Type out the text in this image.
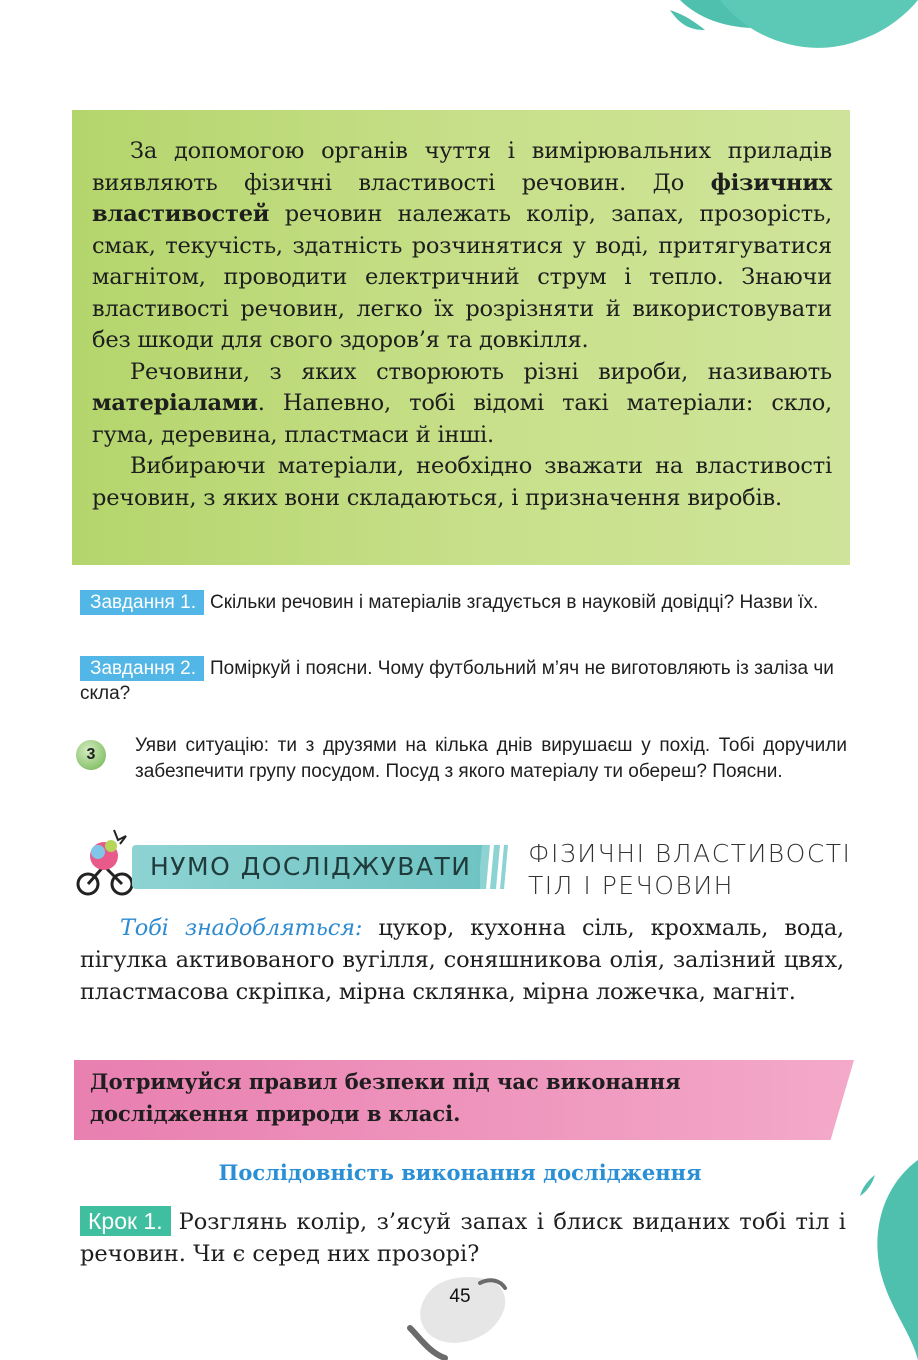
За допомогою органів чуття і вимірювальних приладів виявляють фізичні властивості речовин. До фізичних властивостей речовин належать колір, запах, прозорість, смак, текучість, здатність розчинятися у воді, притягуватися магнітом, проводити електричний струм і тепло. Знаючи властивості речовин, легко їх розрізняти й використовувати без шкоди для свого здоров’я та довкілля.

Речовини, з яких створюють різні вироби, називають матеріалами. Напевно, тобі відомі такі матеріали: скло, гума, деревина, пластмаси й інші.

Вибираючи матеріали, необхідно зважати на властивості речовин, з яких вони складаються, і призначення виробів.

Завдання 1. Скільки речовин і матеріалів згадується в науковій довідці? Назви їх.
Завдання 2. Поміркуй і поясни. Чому футбольний м’яч не виготовляють із заліза чи скла?
3	Уяви ситуацію: ти з друзями на кілька днів вирушаєш у похід. Тобі доручили забезпечити групу посудом. Посуд з якого матеріалу ти обереш? Поясни.
НУМО ДОСЛІДЖУВАТИ ФІЗИЧНІ ВЛАСТИВОСТІ
ТІЛ І РЕЧОВИН
Тобі знадобляться: цукор, кухонна сіль, крохмаль, вода, пігулка активованого вугілля, соняшникова олія, залізний цвях, пластмасова скріпка, мірна склянка, мірна ложечка, магніт.
Дотримуйся правил безпеки під час виконання дослідження природи в класі.
Послідовність виконання дослідження
Крок 1. Розглянь колір, з’ясуй запах і блиск виданих тобі тіл і речовин. Чи є серед них прозорі?
45
